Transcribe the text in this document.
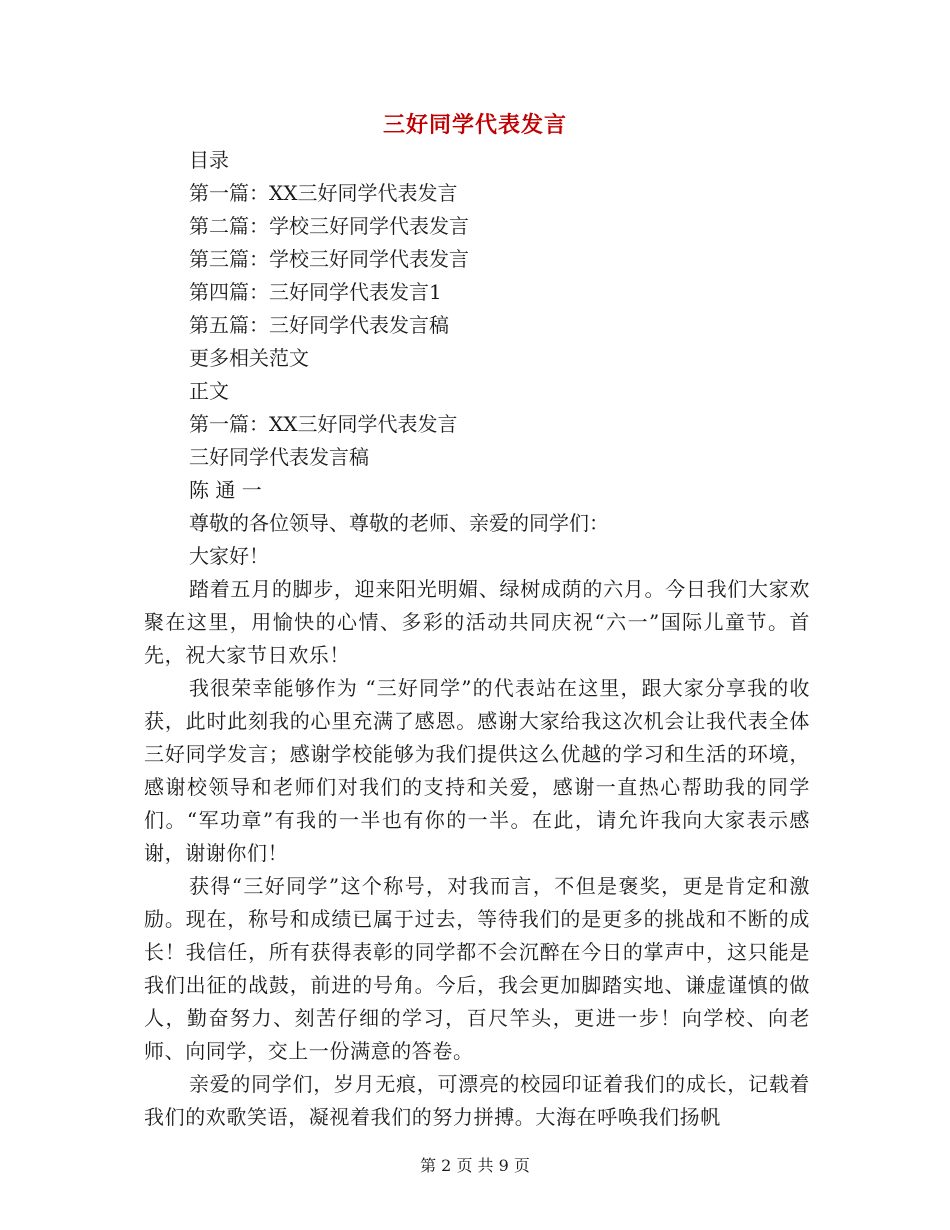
三好同学代表发言

目录

第一篇：XX三好同学代表发言

第二篇：学校三好同学代表发言

第三篇：学校三好同学代表发言

第四篇：三好同学代表发言1

第五篇：三好同学代表发言稿

更多相关范文

正文

第一篇：XX三好同学代表发言

三好同学代表发言稿

陈 通 一

尊敬的各位领导、尊敬的老师、亲爱的同学们：

大家好！

踏着五月的脚步，迎来阳光明媚、绿树成荫的六月。今日我们大家欢聚在这里，用愉快的心情、多彩的活动共同庆祝“六一”国际儿童节。首先，祝大家节日欢乐！

我很荣幸能够作为 “三好同学”的代表站在这里，跟大家分享我的收获，此时此刻我的心里充满了感恩。感谢大家给我这次机会让我代表全体三好同学发言；感谢学校能够为我们提供这么优越的学习和生活的环境，感谢校领导和老师们对我们的支持和关爱，感谢一直热心帮助我的同学们。“军功章”有我的一半也有你的一半。在此，请允许我向大家表示感谢，谢谢你们！

获得“三好同学”这个称号，对我而言，不但是褒奖，更是肯定和激励。现在，称号和成绩已属于过去，等待我们的是更多的挑战和不断的成长！我信任，所有获得表彰的同学都不会沉醉在今日的掌声中，这只能是我们出征的战鼓，前进的号角。今后，我会更加脚踏实地、谦虚谨慎的做人，勤奋努力、刻苦仔细的学习，百尺竿头，更进一步！向学校、向老师、向同学，交上一份满意的答卷。

亲爱的同学们，岁月无痕，可漂亮的校园印证着我们的成长，记载着我们的欢歌笑语，凝视着我们的努力拼搏。大海在呼唤我们扬帆

第 2 页 共 9 页
